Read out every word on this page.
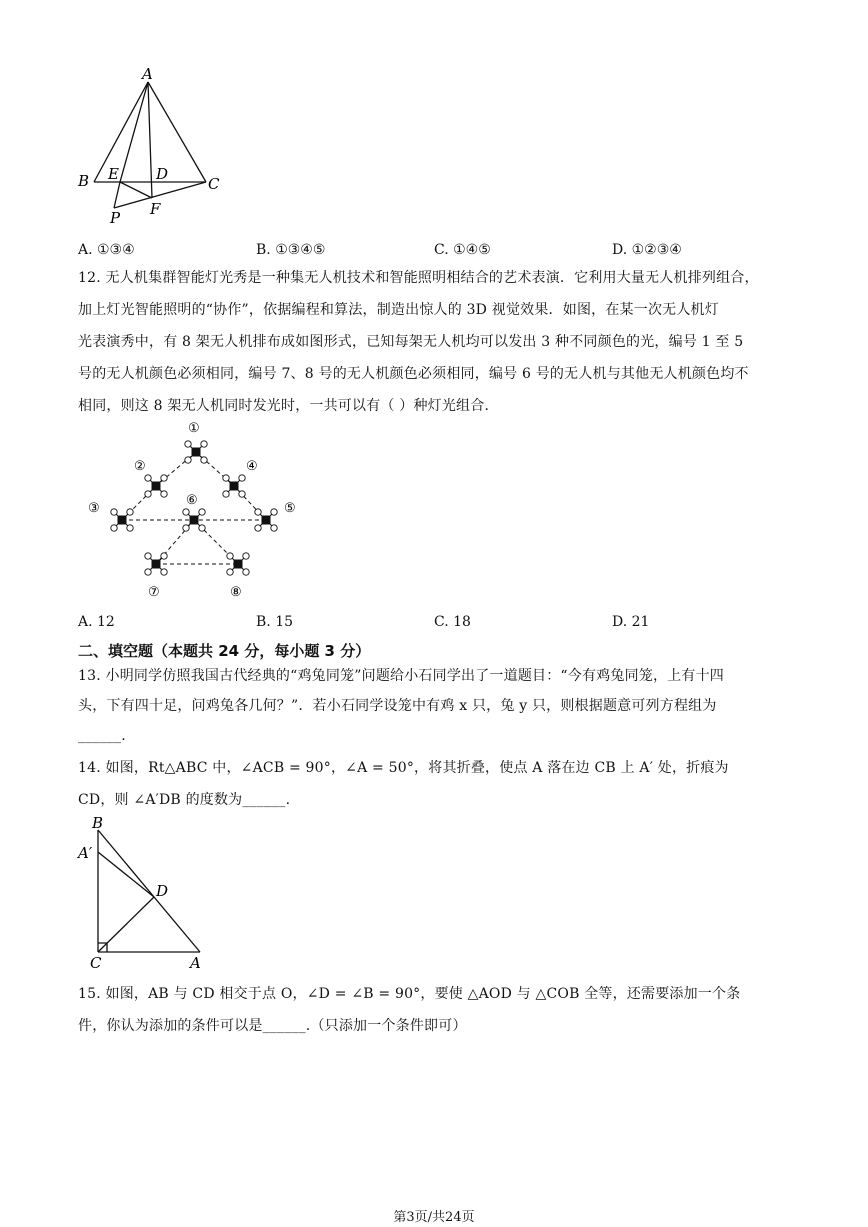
A
B	C
D
E
F
P
A. ①③④	B. ①③④⑤	C. ①④⑤	D. ①②③④
12. 无人机集群智能灯光秀是一种集无人机技术和智能照明相结合的艺术表演．它利用大量无人机排列组合，
加上灯光智能照明的“协作”，依据编程和算法，制造出惊人的 3D 视觉效果．如图，在某一次无人机灯
光表演秀中，有 8 架无人机排布成如图形式，已知每架无人机均可以发出 3 种不同颜色的光，编号 1 至 5
号的无人机颜色必须相同，编号 7、8 号的无人机颜色必须相同，编号 6 号的无人机与其他无人机颜色均不
相同，则这 8 架无人机同时发光时，一共可以有（ ）种灯光组合．
①
②
③
④
⑤
⑥
⑦	⑧
A. 12	B. 15	C. 18	D. 21
二、填空题（本题共 24 分，每小题 3 分）
13. 小明同学仿照我国古代经典的“鸡兔同笼”问题给小石同学出了一道题目：“今有鸡兔同笼，上有十四
头，下有四十足，问鸡兔各几何？”．若小石同学设笼中有鸡 x 只，兔 y 只，则根据题意可列方程组为
______.
14. 如图，Rt△ABC 中，∠ACB = 90°，∠A = 50°，将其折叠，使点 A 落在边 CB 上 A′ 处，折痕为
CD，则 ∠A′DB 的度数为______.
B
A′
D
C	A
15. 如图，AB 与 CD 相交于点 O，∠D = ∠B = 90°，要使 △AOD 与 △COB 全等，还需要添加一个条
件，你认为添加的条件可以是______.（只添加一个条件即可）
第3页/共24页
